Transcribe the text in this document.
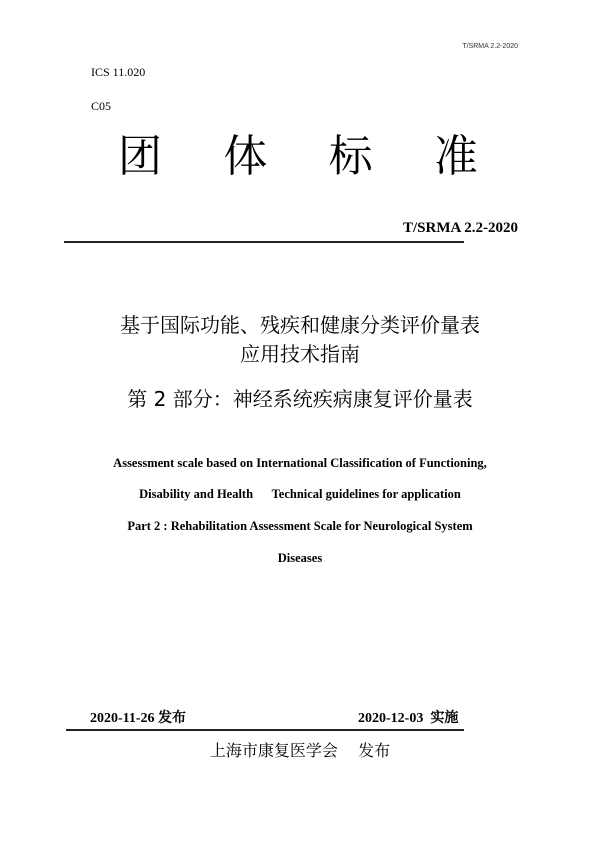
T/SRMA 2.2-2020
ICS 11.020
C05
团 体 标 准
T/SRMA 2.2-2020
基于国际功能、残疾和健康分类评价量表
应用技术指南
第 2 部分：神经系统疾病康复评价量表
Assessment scale based on International Classification of Functioning,
Disability and Health      Technical guidelines for application
Part 2 : Rehabilitation Assessment Scale for Neurological System
Diseases
2020-11-26 发布	2020-12-03  实施
上海市康复医学会    发布
